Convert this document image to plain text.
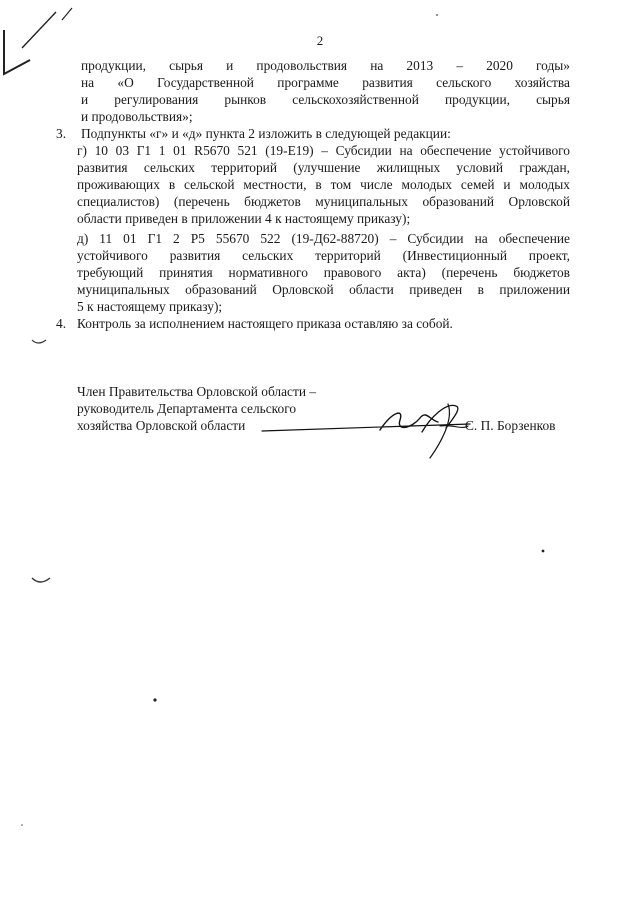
2
продукции, сырья и продовольствия на 2013 – 2020 годы»
на «О Государственной программе развития сельского хозяйства
и регулирования рынков сельскохозяйственной продукции, сырья
и продовольствия»;
3. Подпункты «г» и «д» пункта 2 изложить в следующей редакции:
г) 10 03 Г1 1 01 R5670 521 (19-Е19) – Субсидии на обеспечение устойчивого
развития сельских территорий (улучшение жилищных условий граждан,
проживающих в сельской местности, в том числе молодых семей и молодых
специалистов) (перечень бюджетов муниципальных образований Орловской
области приведен в приложении 4 к настоящему приказу);
д) 11 01 Г1 2 Р5 55670 522 (19-Д62-88720) – Субсидии на обеспечение
устойчивого развития сельских территорий (Инвестиционный проект,
требующий принятия нормативного правового акта) (перечень бюджетов
муниципальных образований Орловской области приведен в приложении
5 к настоящему приказу);
4. Контроль за исполнением настоящего приказа оставляю за собой.
Член Правительства Орловской области –
руководитель Департамента сельского
хозяйства Орловской области	С. П. Борзенков
